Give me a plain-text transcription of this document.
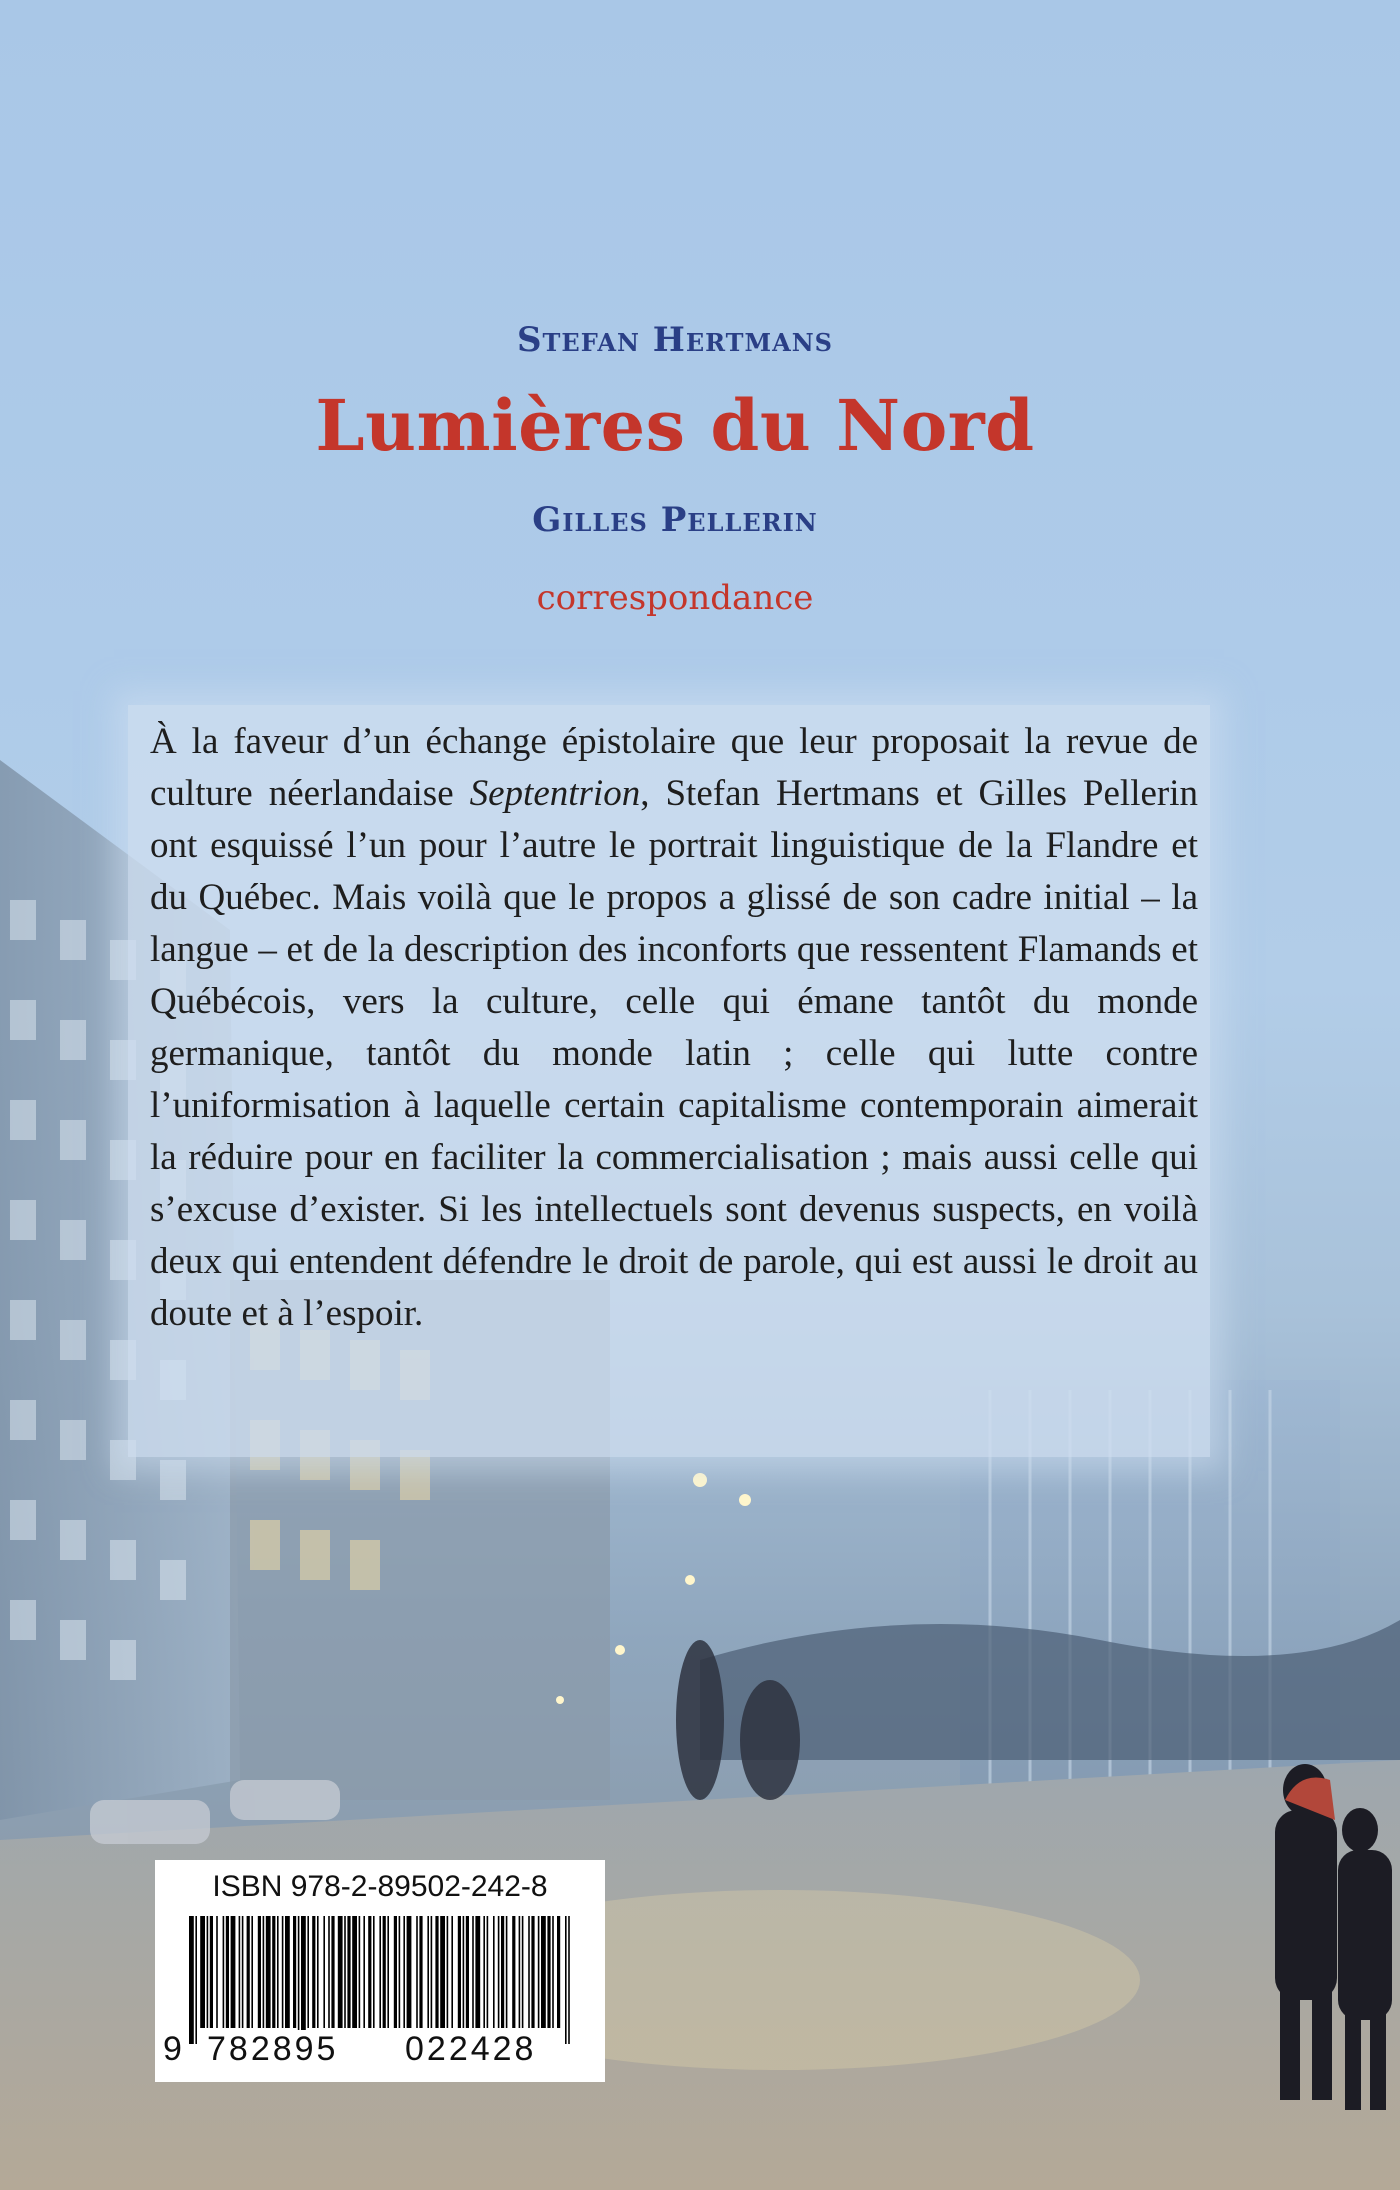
Stefan Hertmans
Lumières du Nord
Gilles Pellerin

correspondance

À la faveur d’un échange épistolaire que leur proposait la revue de culture néerlandaise Septentrion, Stefan Hertmans et Gilles Pellerin ont esquissé l’un pour l’autre le portrait linguistique de la Flandre et du Québec. Mais voilà que le propos a glissé de son cadre initial – la langue – et de la description des inconforts que ressentent Flamands et Québécois, vers la culture, celle qui émane tantôt du monde germanique, tantôt du monde latin ; celle qui lutte contre l’uniformisation à laquelle certain capitalisme contemporain aimerait la réduire pour en faciliter la commercialisation ; mais aussi celle qui s’excuse d’exister. Si les intellectuels sont devenus suspects, en voilà deux qui entendent défendre le droit de parole, qui est aussi le droit au doute et à l’espoir.

ISBN 978-2-89502-242-8

9 782895 022428
